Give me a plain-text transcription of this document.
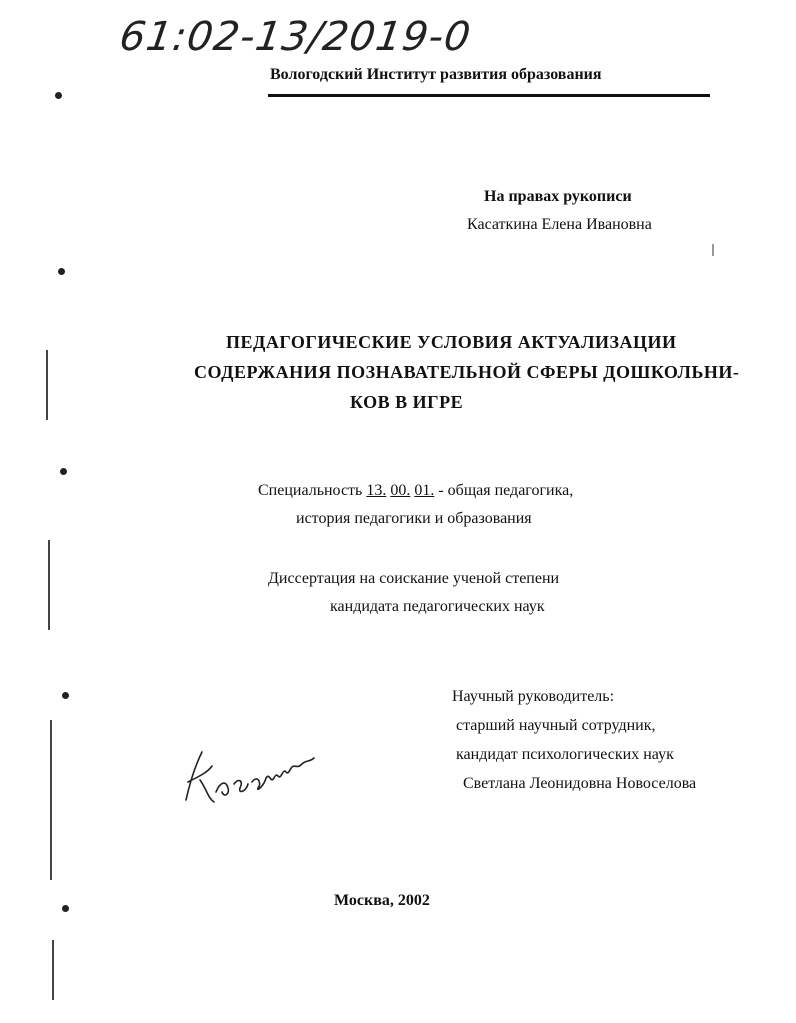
61:02-13/2019-0
Вологодский Институт развития образования
На правах рукописи
Касаткина Елена Ивановна
ПЕДАГОГИЧЕСКИЕ УСЛОВИЯ АКТУАЛИЗАЦИИ
СОДЕРЖАНИЯ ПОЗНАВАТЕЛЬНОЙ СФЕРЫ ДОШКОЛЬНИ-
КОВ В ИГРЕ
Специальность 13. 00. 01. - общая педагогика,
история педагогики и образования
Диссертация на соискание ученой степени
кандидата педагогических наук
Научный руководитель:
старший научный сотрудник,
кандидат психологических наук
Светлана Леонидовна Новоселова
Москва, 2002
